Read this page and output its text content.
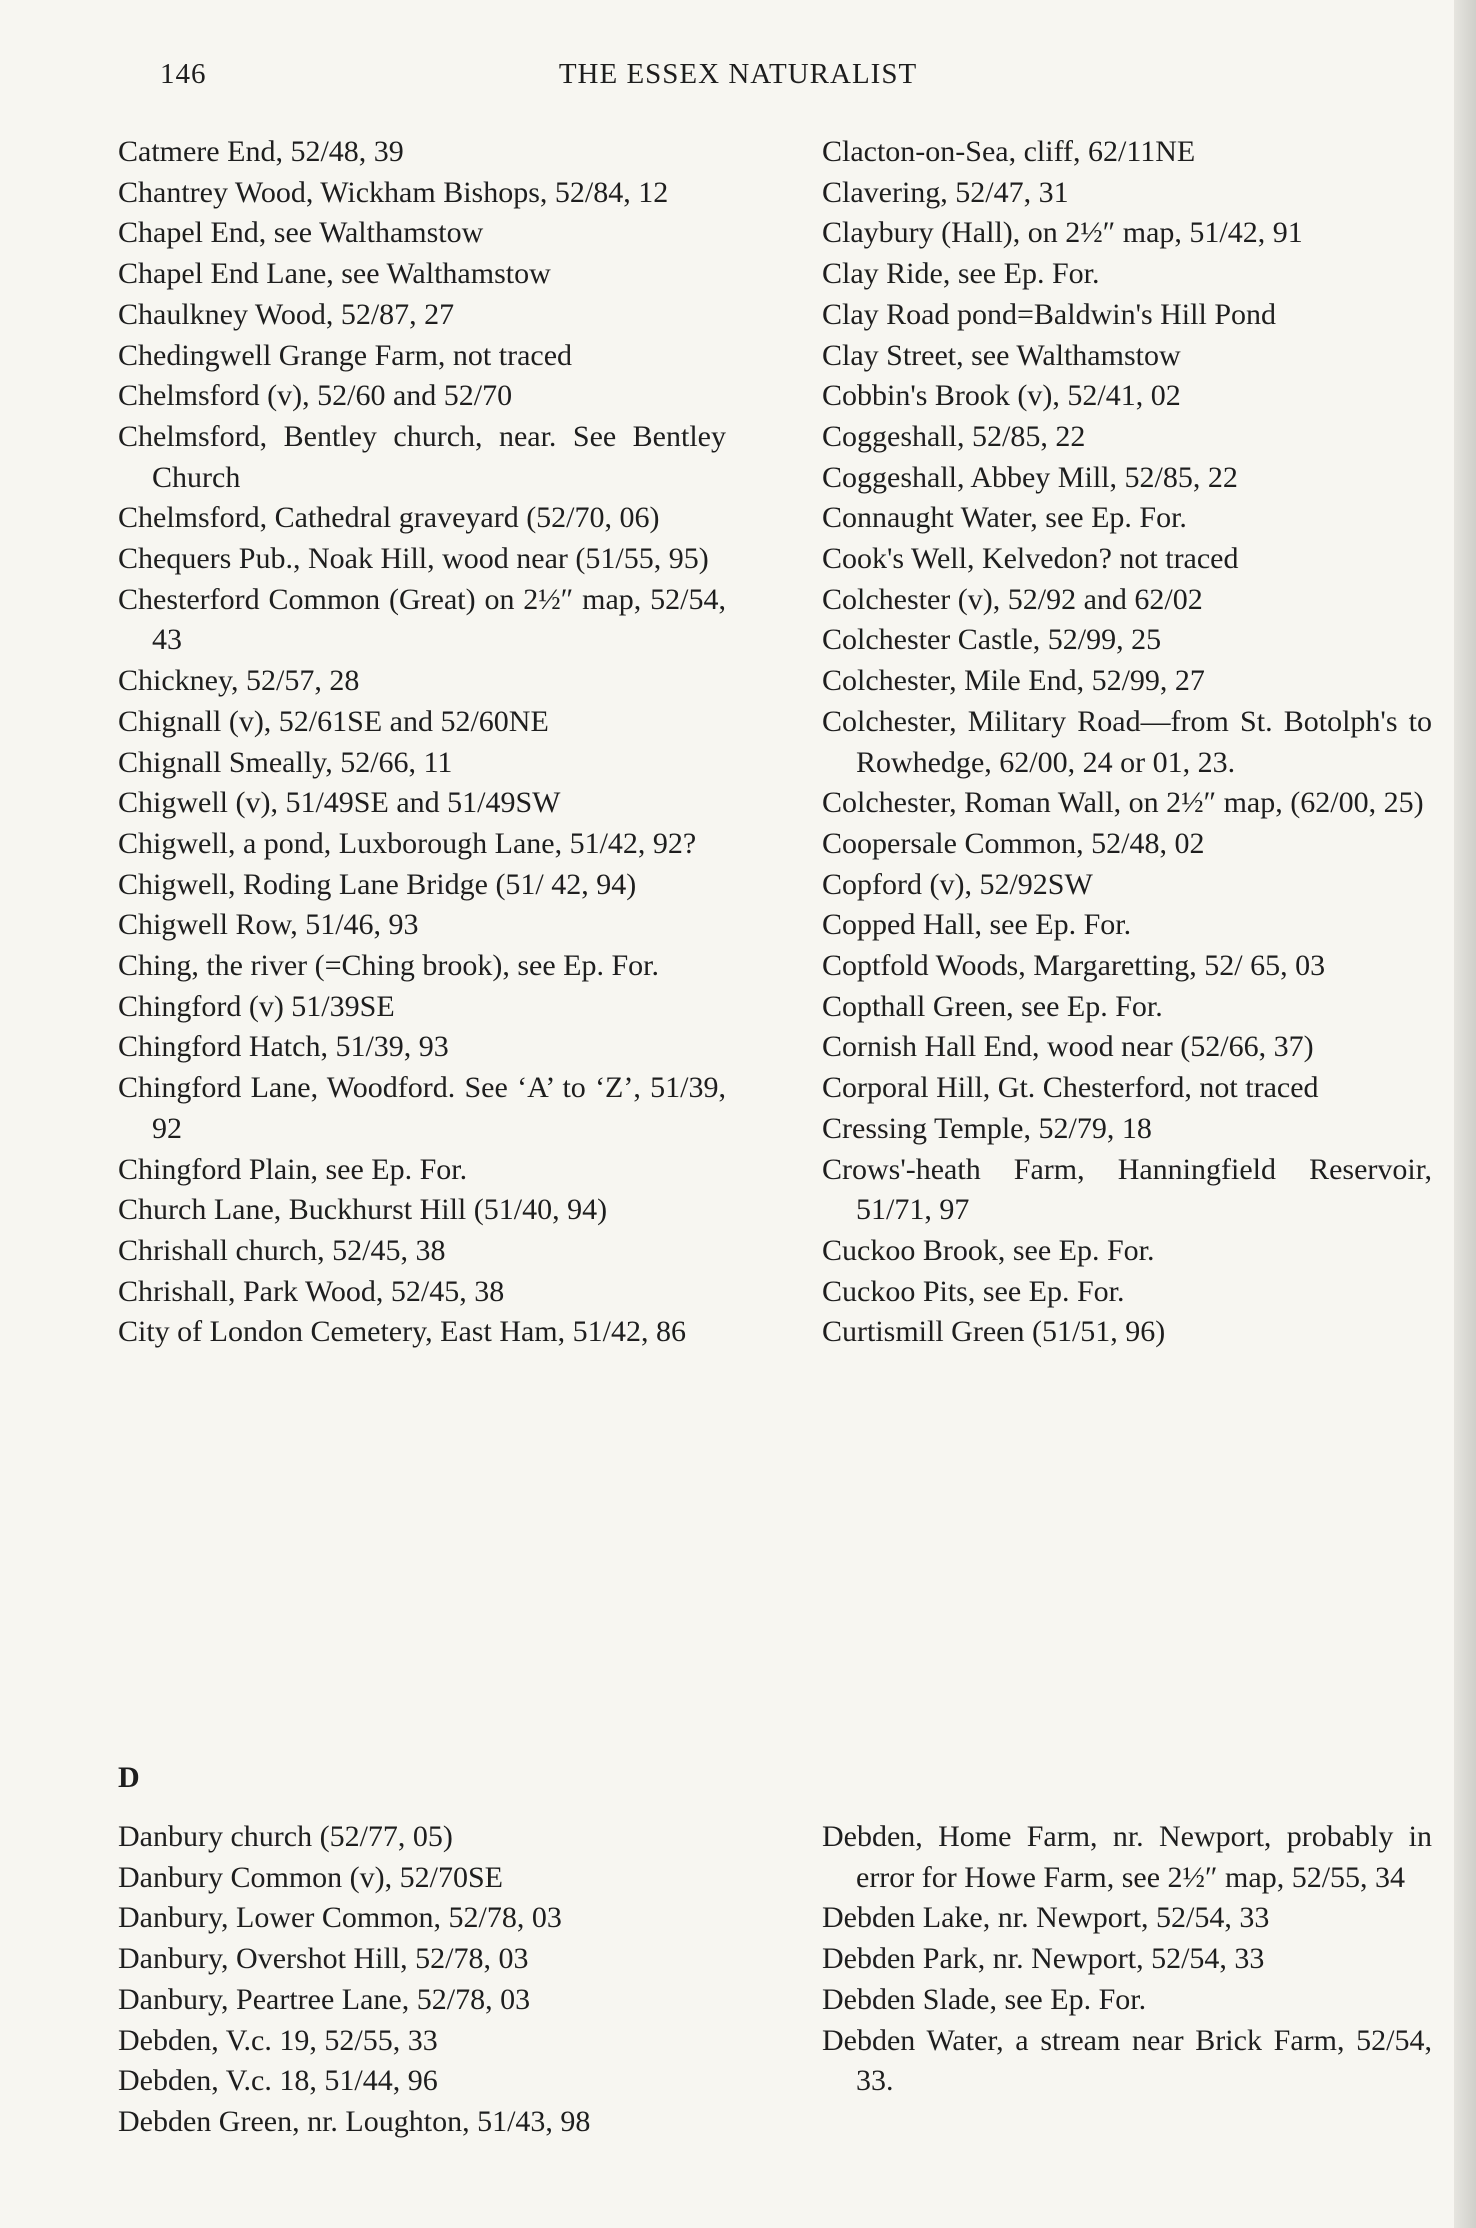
THE ESSEX NATURALIST
146
Catmere End, 52/48, 39
Chantrey Wood, Wickham Bishops, 52/84, 12
Chapel End, see Walthamstow
Chapel End Lane, see Walthamstow
Chaulkney Wood, 52/87, 27
Chedingwell Grange Farm, not traced
Chelmsford (v), 52/60 and 52/70
Chelmsford, Bentley church, near. See Bentley Church
Chelmsford, Cathedral graveyard (52/70, 06)
Chequers Pub., Noak Hill, wood near (51/55, 95)
Chesterford Common (Great) on 2½″ map, 52/54, 43
Chickney, 52/57, 28
Chignall (v), 52/61SE and 52/60NE
Chignall Smeally, 52/66, 11
Chigwell (v), 51/49SE and 51/49SW
Chigwell, a pond, Luxborough Lane, 51/42, 92?
Chigwell, Roding Lane Bridge (51/ 42, 94)
Chigwell Row, 51/46, 93
Ching, the river (=Ching brook), see Ep. For.
Chingford (v) 51/39SE
Chingford Hatch, 51/39, 93
Chingford Lane, Woodford. See ‘A’ to ‘Z’, 51/39, 92
Chingford Plain, see Ep. For.
Church Lane, Buckhurst Hill (51/40, 94)
Chrishall church, 52/45, 38
Chrishall, Park Wood, 52/45, 38
City of London Cemetery, East Ham, 51/42, 86
Clacton-on-Sea, cliff, 62/11NE
Clavering, 52/47, 31
Claybury (Hall), on 2½″ map, 51/42, 91
Clay Ride, see Ep. For.
Clay Road pond=Baldwin's Hill Pond
Clay Street, see Walthamstow
Cobbin's Brook (v), 52/41, 02
Coggeshall, 52/85, 22
Coggeshall, Abbey Mill, 52/85, 22
Connaught Water, see Ep. For.
Cook's Well, Kelvedon? not traced
Colchester (v), 52/92 and 62/02
Colchester Castle, 52/99, 25
Colchester, Mile End, 52/99, 27
Colchester, Military Road—from St. Botolph's to Rowhedge, 62/00, 24 or 01, 23.
Colchester, Roman Wall, on 2½″ map, (62/00, 25)
Coopersale Common, 52/48, 02
Copford (v), 52/92SW
Copped Hall, see Ep. For.
Coptfold Woods, Margaretting, 52/ 65, 03
Copthall Green, see Ep. For.
Cornish Hall End, wood near (52/66, 37)
Corporal Hill, Gt. Chesterford, not traced
Cressing Temple, 52/79, 18
Crows'-heath Farm, Hanningfield Reservoir, 51/71, 97
Cuckoo Brook, see Ep. For.
Cuckoo Pits, see Ep. For.
Curtismill Green (51/51, 96)
D
Danbury church (52/77, 05)
Danbury Common (v), 52/70SE
Danbury, Lower Common, 52/78, 03
Danbury, Overshot Hill, 52/78, 03
Danbury, Peartree Lane, 52/78, 03
Debden, V.c. 19, 52/55, 33
Debden, V.c. 18, 51/44, 96
Debden Green, nr. Loughton, 51/43, 98
Debden, Home Farm, nr. Newport, probably in error for Howe Farm, see 2½″ map, 52/55, 34
Debden Lake, nr. Newport, 52/54, 33
Debden Park, nr. Newport, 52/54, 33
Debden Slade, see Ep. For.
Debden Water, a stream near Brick Farm, 52/54, 33.
